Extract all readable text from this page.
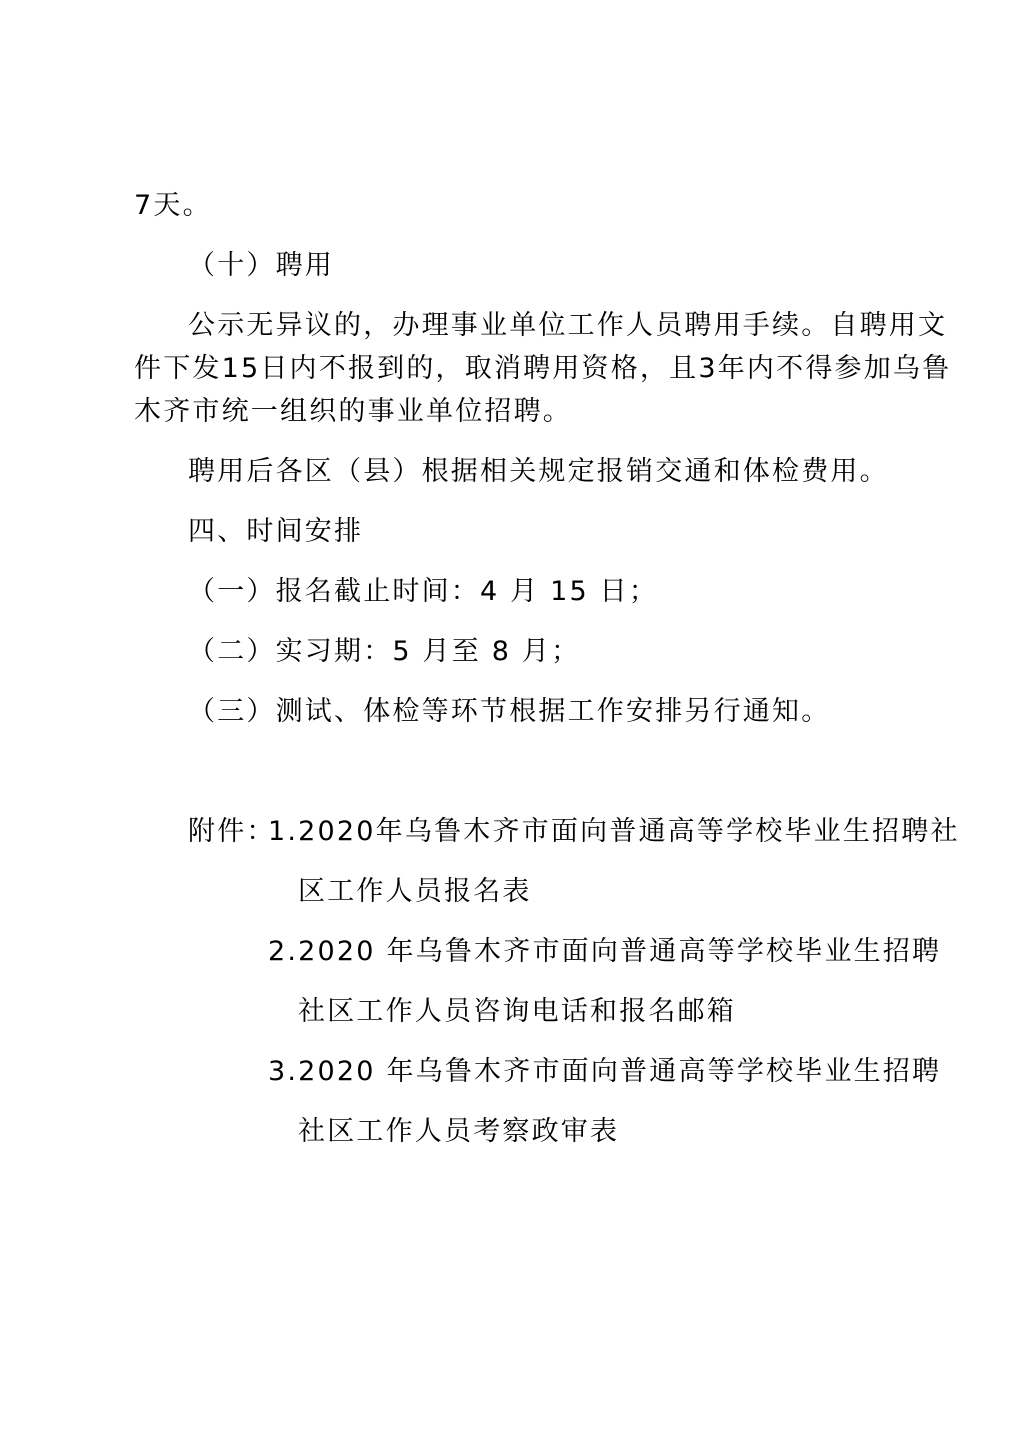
7天。
（十）聘用
公示无异议的，办理事业单位工作人员聘用手续。自聘用文
件下发15日内不报到的，取消聘用资格，且3年内不得参加乌鲁
木齐市统一组织的事业单位招聘。
聘用后各区（县）根据相关规定报销交通和体检费用。
四、时间安排
（一）报名截止时间：4 月 15 日；
（二）实习期：5 月至 8 月；
（三）测试、体检等环节根据工作安排另行通知。
附件：
1.2020年乌鲁木齐市面向普通高等学校毕业生招聘社
区工作人员报名表
2.2020 年乌鲁木齐市面向普通高等学校毕业生招聘
社区工作人员咨询电话和报名邮箱
3.2020 年乌鲁木齐市面向普通高等学校毕业生招聘
社区工作人员考察政审表
